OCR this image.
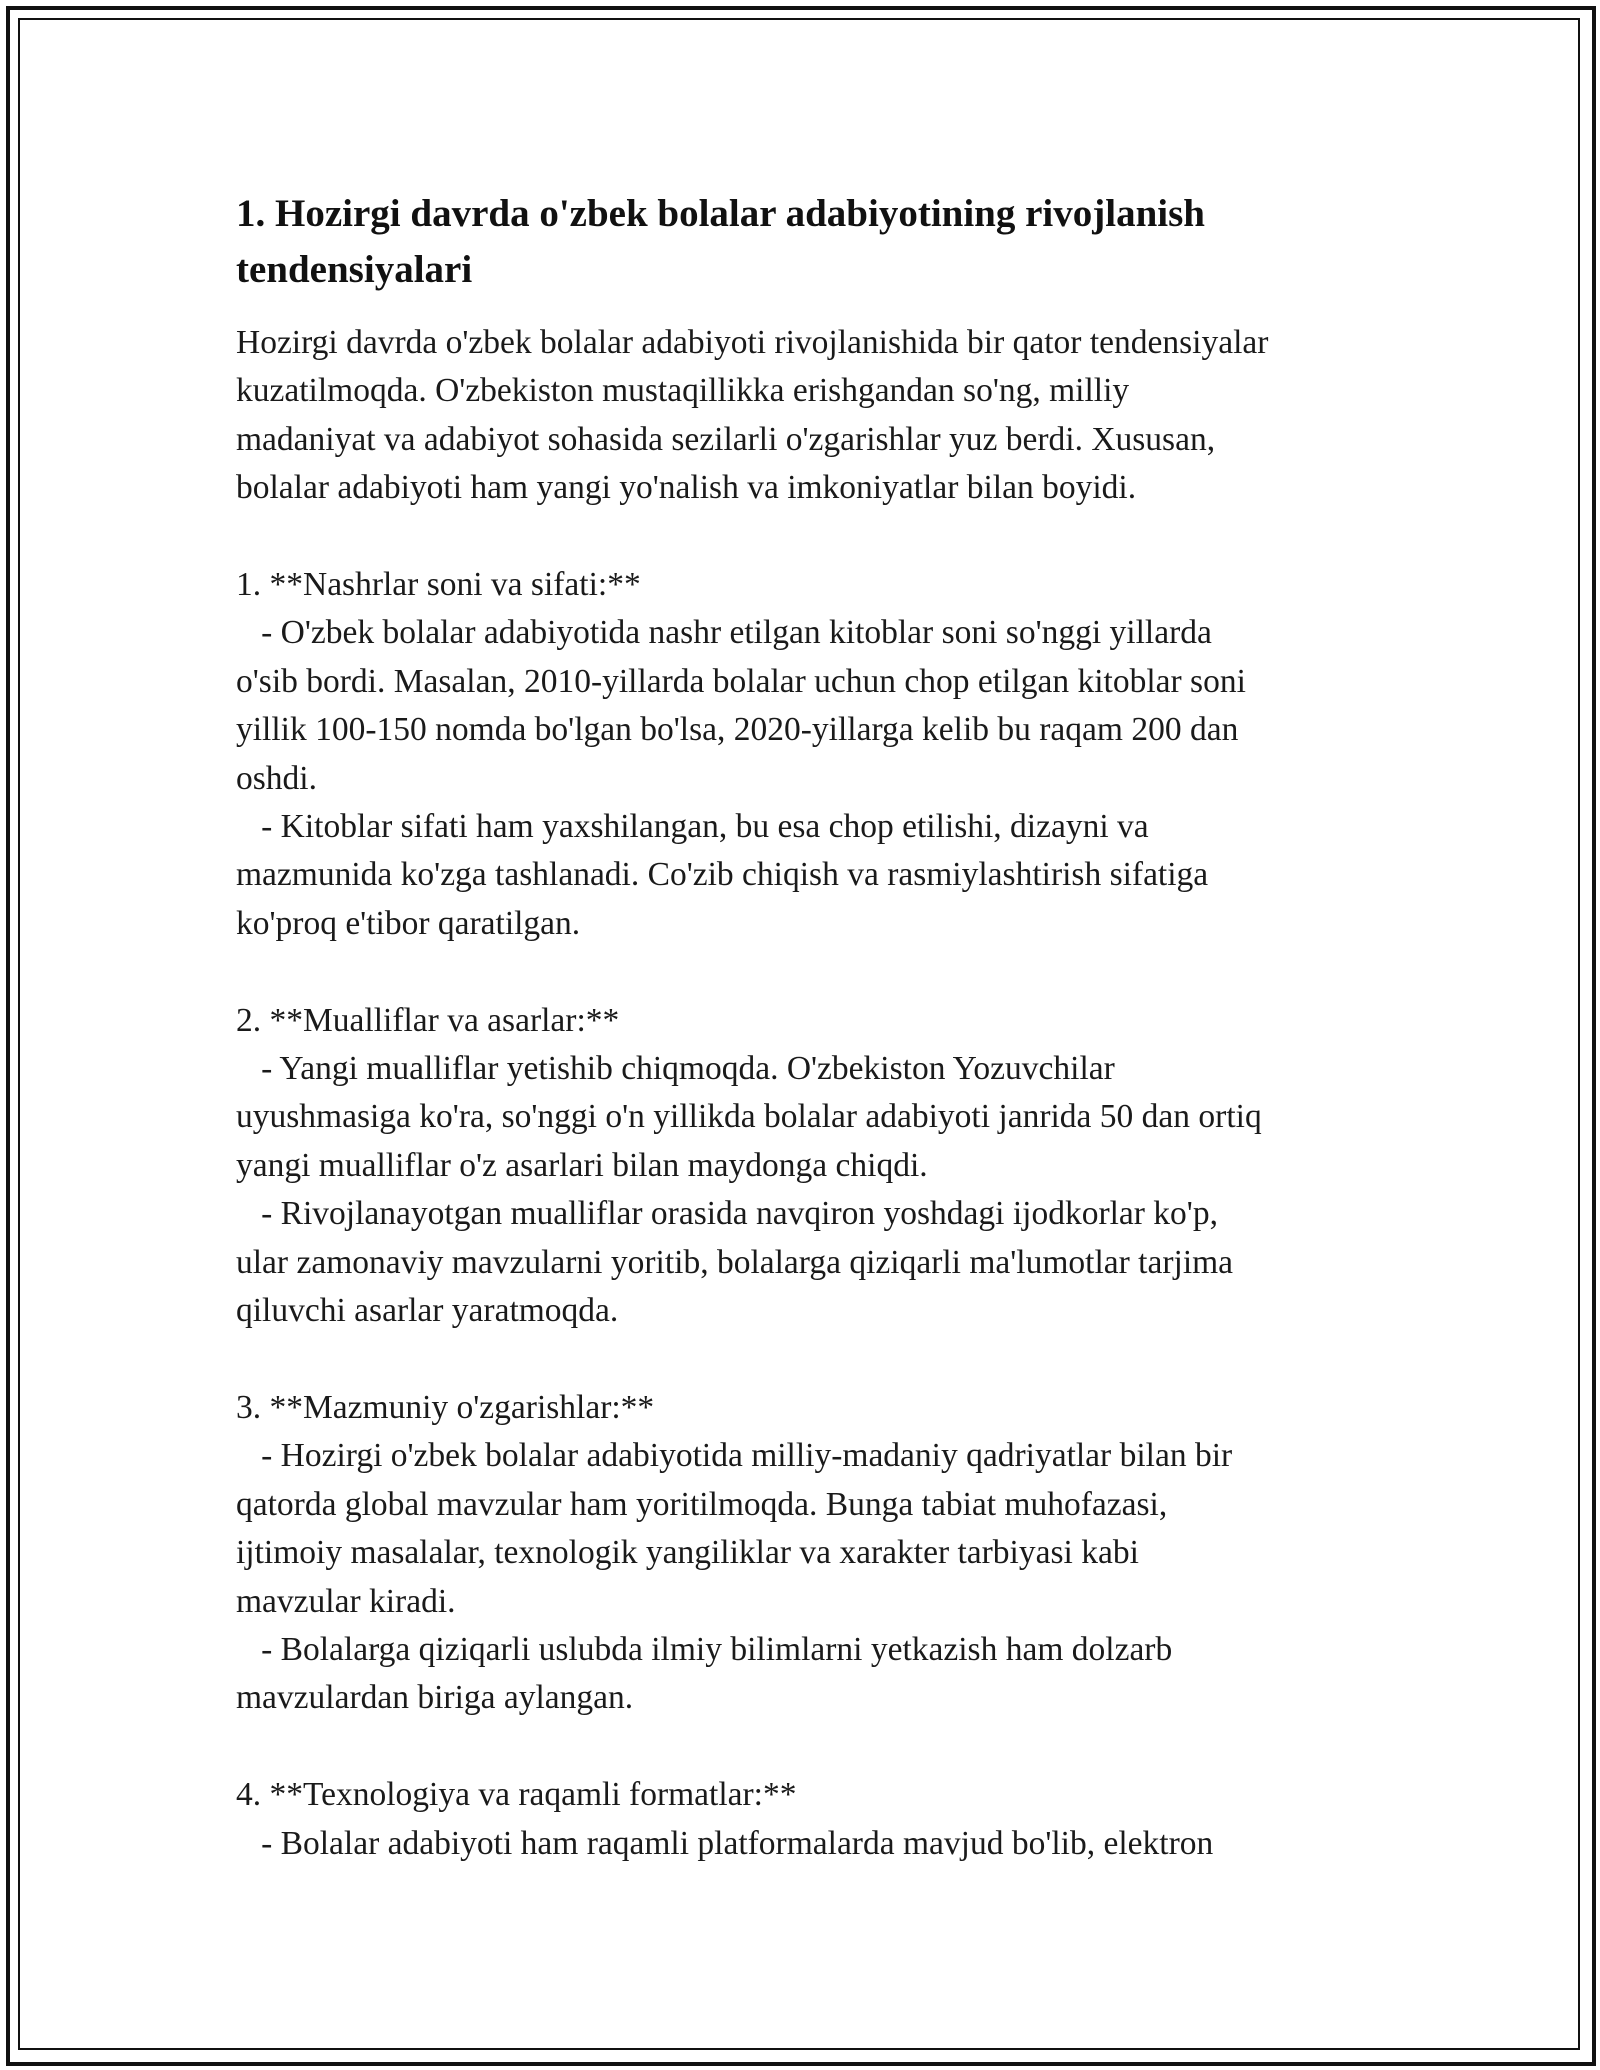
1. Hozirgi davrda o'zbek bolalar adabiyotining rivojlanish
tendensiyalari

Hozirgi davrda o'zbek bolalar adabiyoti rivojlanishida bir qator tendensiyalar
kuzatilmoqda. O'zbekiston mustaqillikka erishgandan so'ng, milliy
madaniyat va adabiyot sohasida sezilarli o'zgarishlar yuz berdi. Xususan,
bolalar adabiyoti ham yangi yo'nalish va imkoniyatlar bilan boyidi.

1. **Nashrlar soni va sifati:**

- O'zbek bolalar adabiyotida nashr etilgan kitoblar soni so'nggi yillarda
o'sib bordi. Masalan, 2010-yillarda bolalar uchun chop etilgan kitoblar soni
yillik 100-150 nomda bo'lgan bo'lsa, 2020-yillarga kelib bu raqam 200 dan
oshdi.

- Kitoblar sifati ham yaxshilangan, bu esa chop etilishi, dizayni va
mazmunida ko'zga tashlanadi. Co'zib chiqish va rasmiylashtirish sifatiga
ko'proq e'tibor qaratilgan.

2. **Mualliflar va asarlar:**

- Yangi mualliflar yetishib chiqmoqda. O'zbekiston Yozuvchilar
uyushmasiga ko'ra, so'nggi o'n yillikda bolalar adabiyoti janrida 50 dan ortiq
yangi mualliflar o'z asarlari bilan maydonga chiqdi.

- Rivojlanayotgan mualliflar orasida navqiron yoshdagi ijodkorlar ko'p,
ular zamonaviy mavzularni yoritib, bolalarga qiziqarli ma'lumotlar tarjima
qiluvchi asarlar yaratmoqda.

3. **Mazmuniy o'zgarishlar:**

- Hozirgi o'zbek bolalar adabiyotida milliy-madaniy qadriyatlar bilan bir
qatorda global mavzular ham yoritilmoqda. Bunga tabiat muhofazasi,
ijtimoiy masalalar, texnologik yangiliklar va xarakter tarbiyasi kabi
mavzular kiradi.

- Bolalarga qiziqarli uslubda ilmiy bilimlarni yetkazish ham dolzarb
mavzulardan biriga aylangan.

4. **Texnologiya va raqamli formatlar:**

- Bolalar adabiyoti ham raqamli platformalarda mavjud bo'lib, elektron
